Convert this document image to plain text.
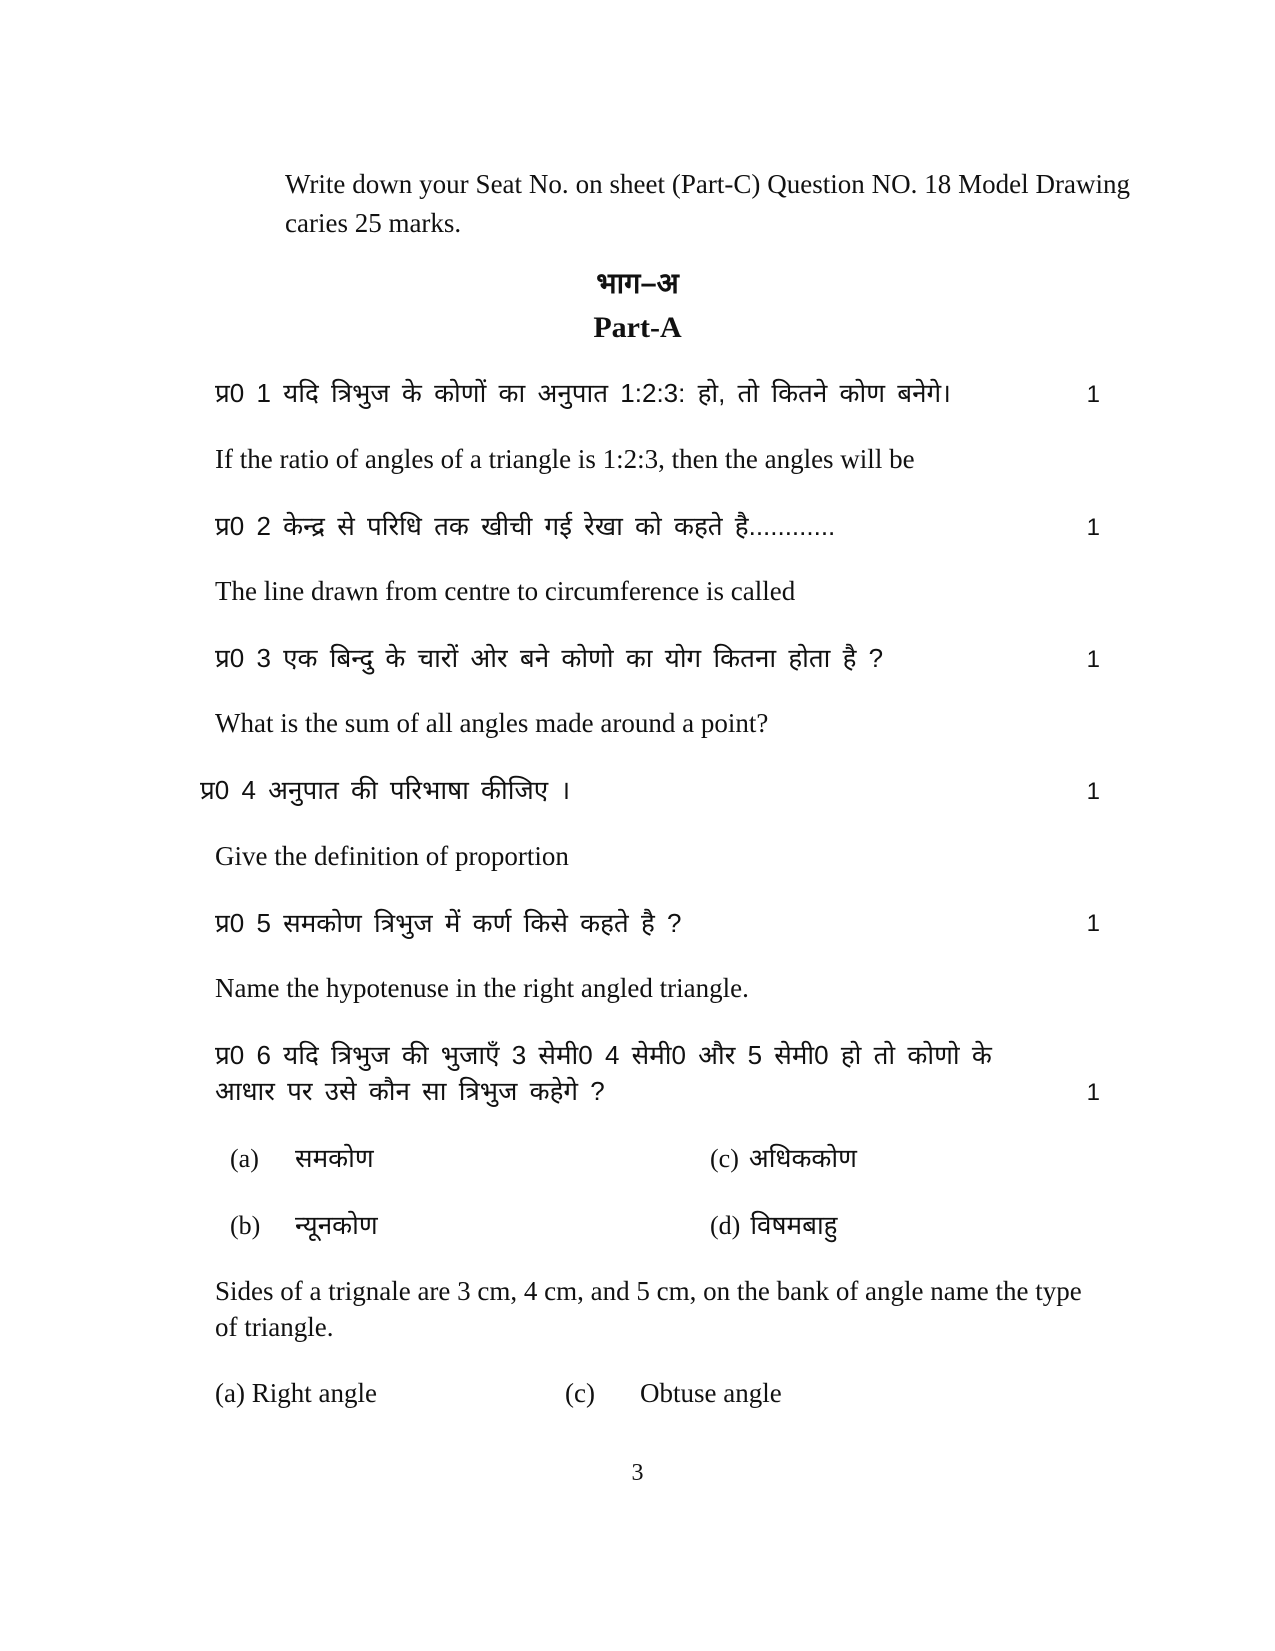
Write down your Seat No. on sheet (Part-C) Question NO. 18 Model Drawing caries 25 marks.

भाग–अ
Part-A
प्र0 1 यदि त्रिभुज के कोणों का अनुपात 1:2:3: हो, तो कितने कोण बनेगे।	1

If the ratio of angles of a triangle is 1:2:3, then the angles will be

प्र0 2 केन्द्र से परिधि तक खीची गई रेखा को कहते है............	1

The line drawn from centre to circumference is called

प्र0 3 एक बिन्दु के चारों ओर बने कोणो का योग कितना होता है ?	1

What is the sum of all angles made around a point?

प्र0 4 अनुपात की परिभाषा कीजिए ।	1

Give the definition of proportion

प्र0 5 समकोण त्रिभुज में कर्ण किसे कहते है ?	1

Name the hypotenuse in the right angled triangle.

प्र0 6 यदि त्रिभुज की भुजाएँ 3 सेमी0 4 सेमी0 और 5 सेमी0 हो तो कोणो के आधार पर उसे कौन सा त्रिभुज कहेगे ?	1
(a) समकोण	(c) अधिककोण
(b) न्यूनकोण	(d) विषमबाहु

Sides of a trignale are 3 cm, 4 cm, and 5 cm, on the bank of angle name the type of triangle.

(a) Right angle	(c)	Obtuse angle
3
